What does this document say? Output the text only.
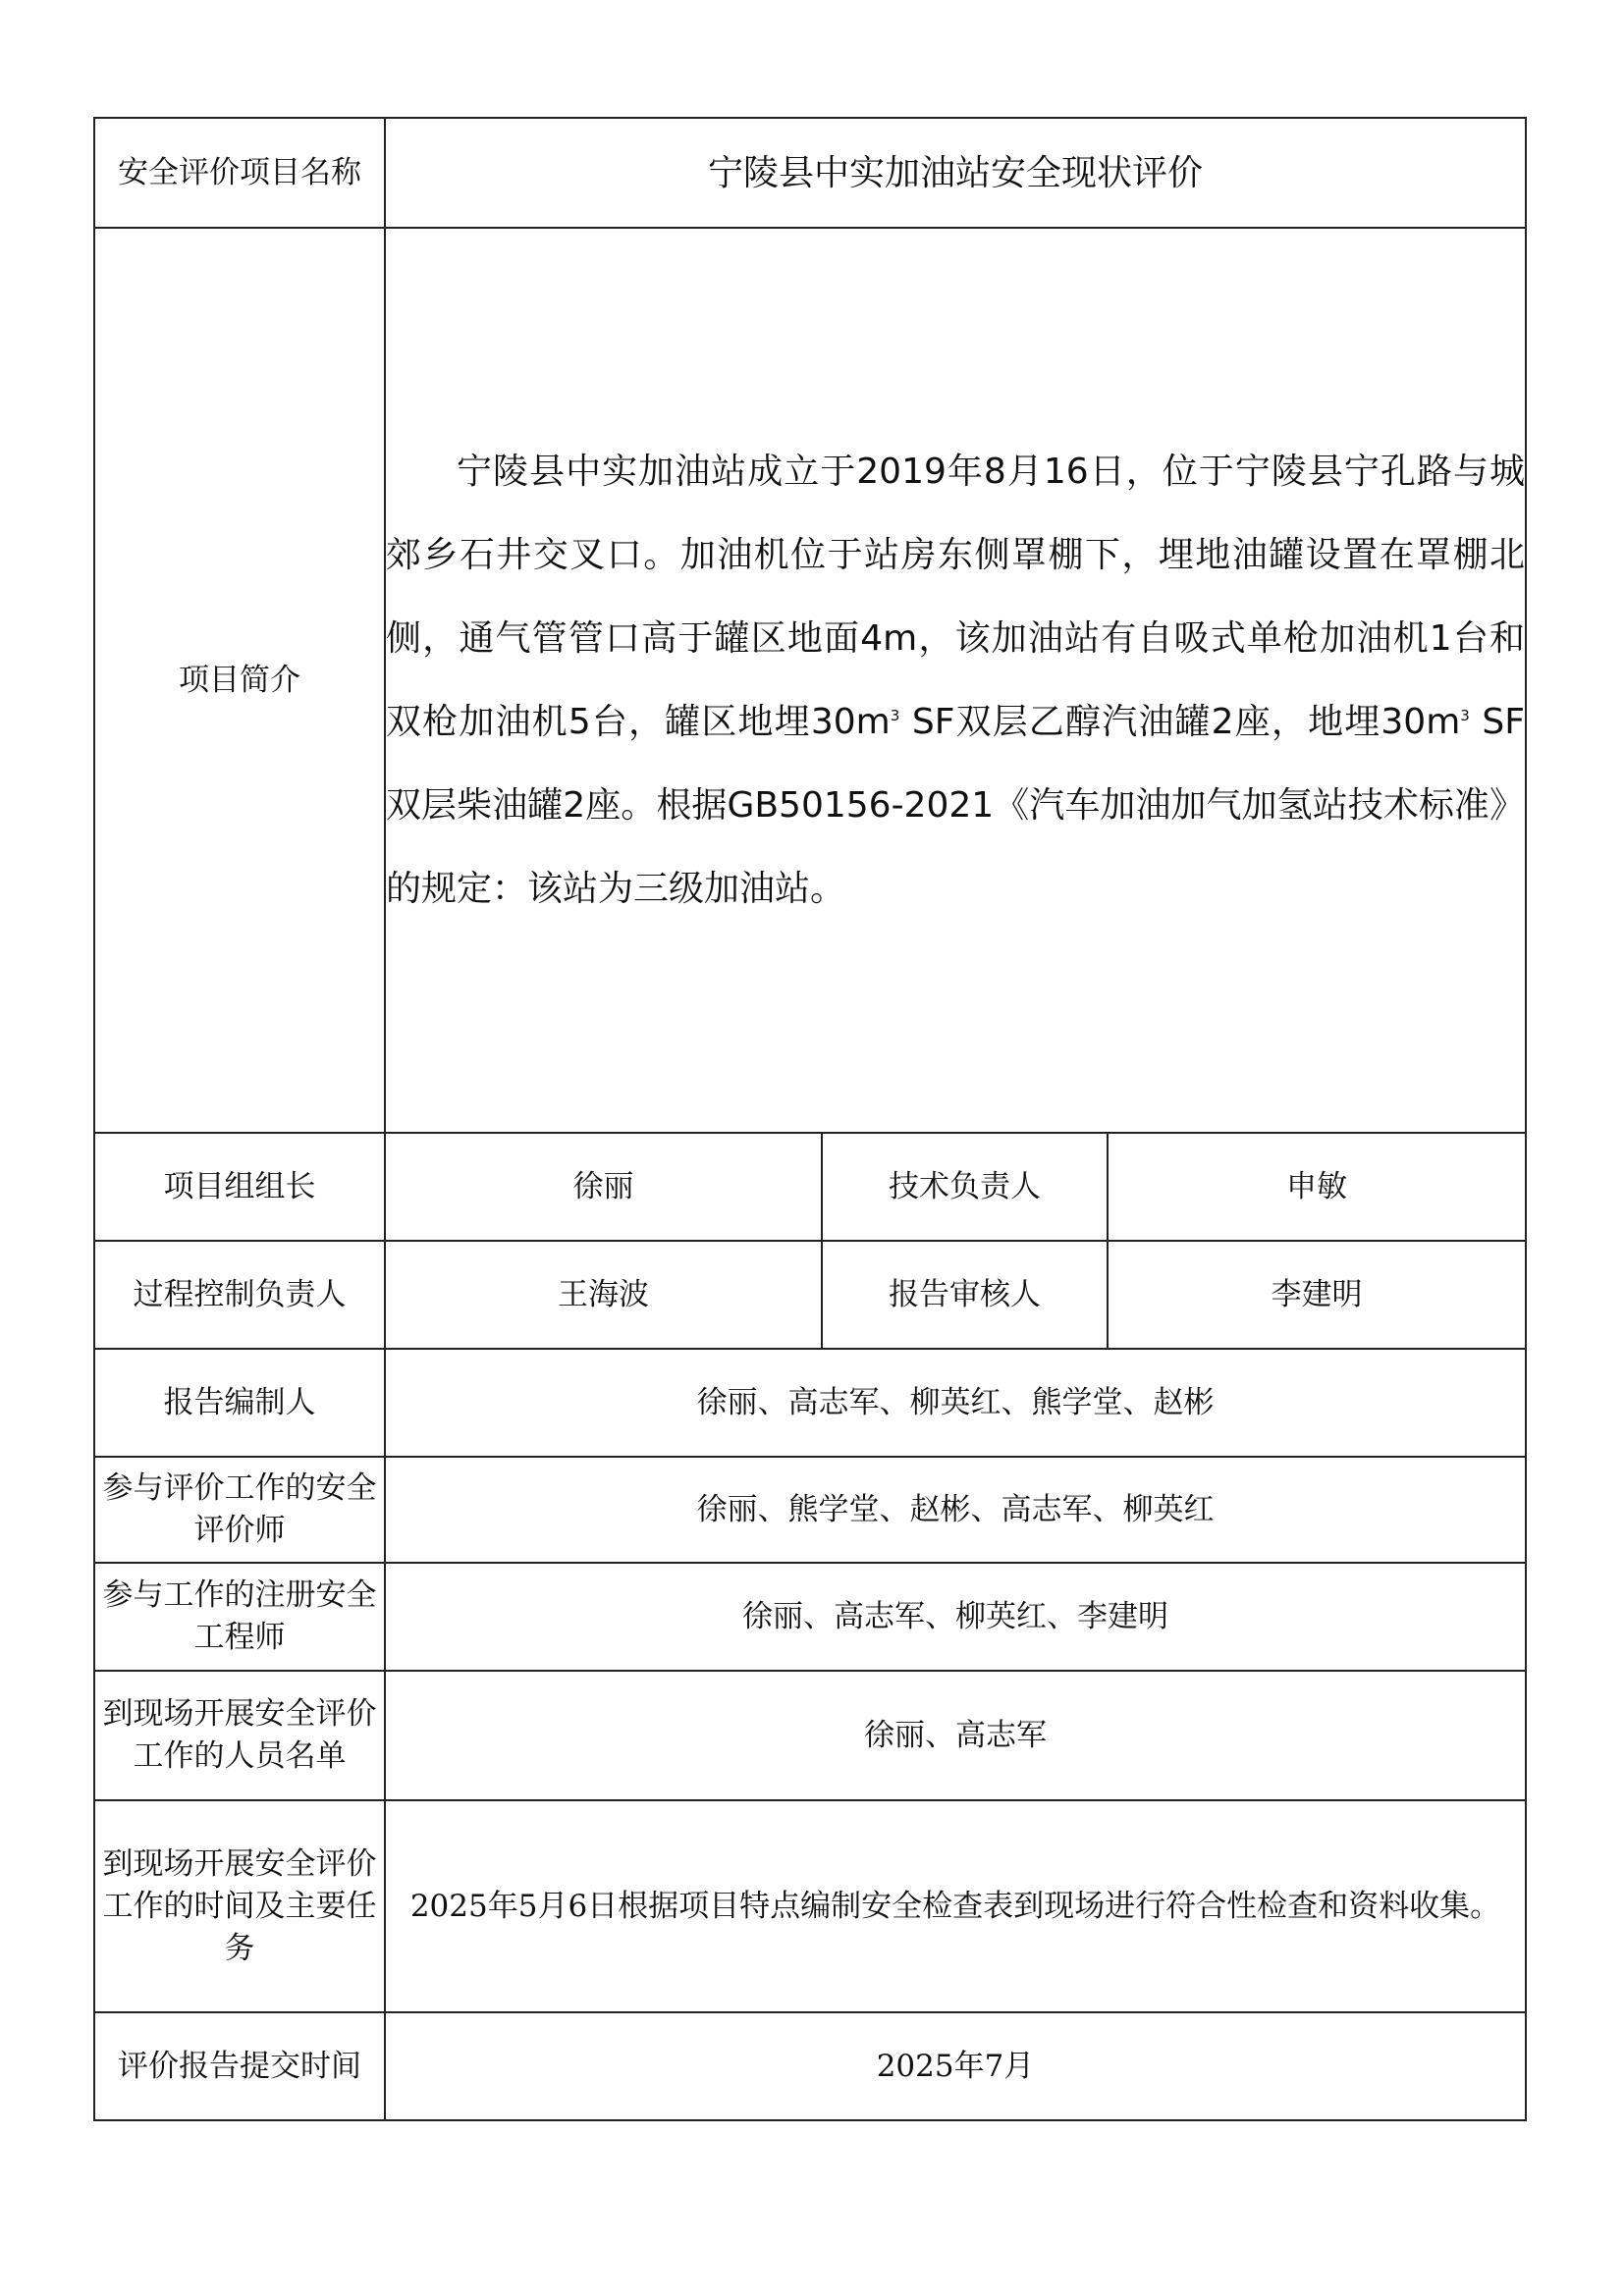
安全评价项目名称	宁陵县中实加油站安全现状评价		
项目简介	宁陵县中实加油站成立于2019年8月16日，位于宁陵县宁孔路与城郊乡石井交叉口。加油机位于站房东侧罩棚下，埋地油罐设置在罩棚北侧，通气管管口高于罐区地面4m，该加油站有自吸式单枪加油机1台和双枪加油机5台，罐区地埋$30m^3$ SF双层乙醇汽油罐2座，地埋$30m^3$ SF双层柴油罐2座。根据GB50156-2021《汽车加油加气加氢站技术标准》的规定：该站为三级加油站。		

项目组组长	徐丽	技术负责人	申敏
过程控制负责人	王海波	报告审核人	李建明
报告编制人	徐丽、高志军、柳英红、熊学堂、赵彬		
参与评价工作的安全评价师	徐丽、熊学堂、赵彬、高志军、柳英红		
参与工作的注册安全工程师	徐丽、高志军、柳英红、李建明		
到现场开展安全评价工作的人员名单	徐丽、高志军		
到现场开展安全评价工作的时间及主要任务	2025年5月6日根据项目特点编制安全检查表到现场进行符合性检查和资料收集。		
评价报告提交时间	2025年7月		
